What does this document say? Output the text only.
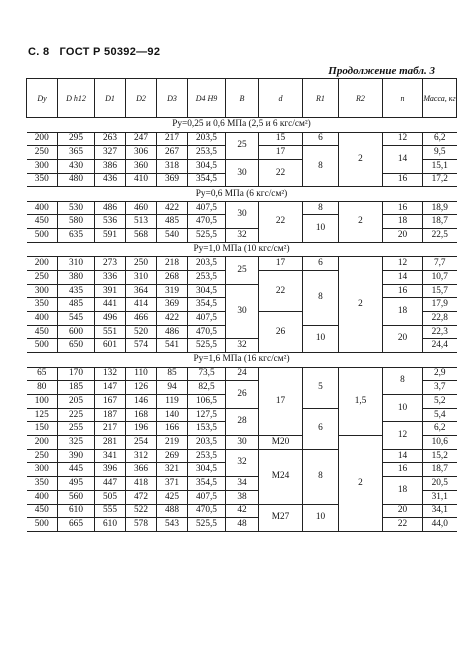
С. 8 ГОСТ Р 50392—92
Продолжение табл. 3
Dy	D h12	D1	D2	D3	D4 H9	B	d	R1	R2	n	Масса, кг
Py=0,25 и 0,6 МПа (2,5 и 6 кгс/см²)											
200	295	263	247	217	203,5	25	15	6	2	12	6,2
250	365	327	306	267	253,5		17	8		14	9,5
300	430	386	360	318	304,5	30	22				15,1
350	480	436	410	369	354,5					16	17,2
Py=0,6 МПа (6 кгс/см²)											
400	530	486	460	422	407,5	30	22	8	2	16	18,9
450	580	536	513	485	470,5			10		18	18,7
500	635	591	568	540	525,5	32				20	22,5
Py=1,0 МПа (10 кгс/см²)											
200	310	273	250	218	203,5	25	17	6	2	12	7,7
250	380	336	310	268	253,5		22	8		14	10,7
300	435	391	364	319	304,5	30				16	15,7
350	485	441	414	369	354,5					18	17,9
400	545	496	466	422	407,5		26				22,8
450	600	551	520	486	470,5			10		20	22,3
500	650	601	574	541	525,5	32					24,4
Py=1,6 МПа (16 кгс/см²)											
65	170	132	110	85	73,5	24	17	5	1,5	8	2,9
80	185	147	126	94	82,5	26					3,7
100	205	167	146	119	106,5					10	5,2
125	225	187	168	140	127,5	28		6			5,4
150	255	217	196	166	153,5					12	6,2
200	325	281	254	219	203,5	30	M20		2		10,6
250	390	341	312	269	253,5	32	M24	8		14	15,2
300	445	396	366	321	304,5					16	18,7
350	495	447	418	371	354,5	34				18	20,5
400	560	505	472	425	407,5	38					31,1
450	610	555	522	488	470,5	42	M27	10		20	34,1
500	665	610	578	543	525,5	48				22	44,0
